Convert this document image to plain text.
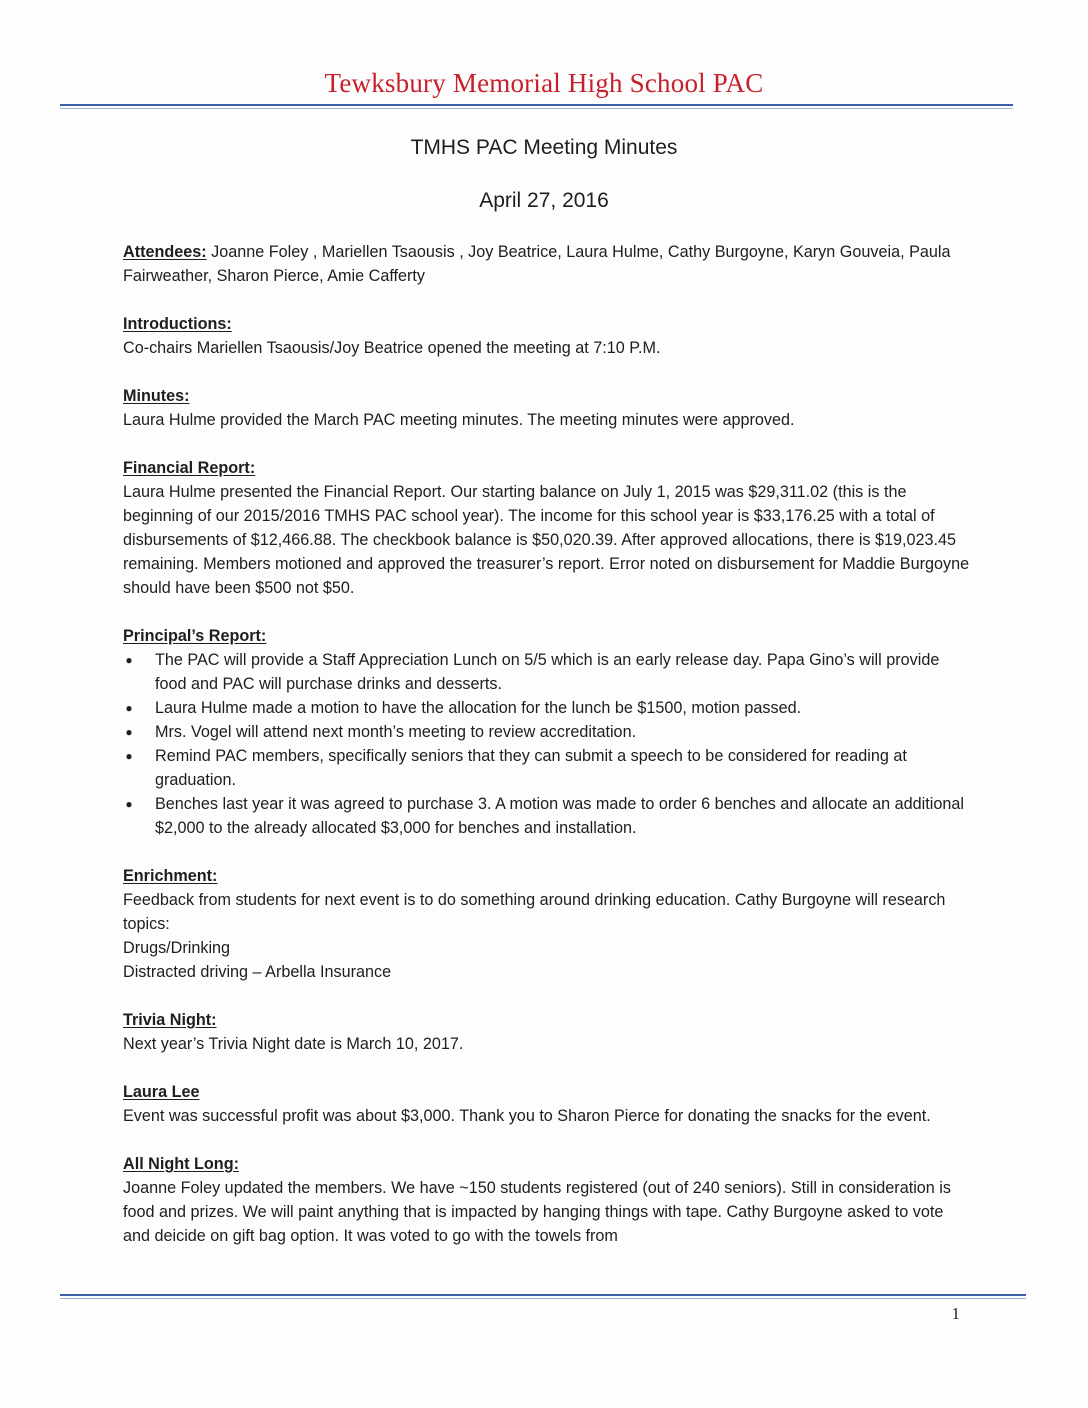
Tewksbury Memorial High School PAC
TMHS PAC Meeting Minutes
April 27, 2016

Attendees: Joanne Foley , Mariellen Tsaousis , Joy Beatrice, Laura Hulme, Cathy Burgoyne, Karyn Gouveia, Paula Fairweather, Sharon Pierce, Amie Cafferty

Introductions:

Co-chairs Mariellen Tsaousis/Joy Beatrice opened the meeting at 7:10 P.M.

Minutes:

Laura Hulme provided the March PAC meeting minutes. The meeting minutes were approved.

Financial Report:

Laura Hulme presented the Financial Report. Our starting balance on July 1, 2015 was $29,311.02 (this is the beginning of our 2015/2016 TMHS PAC school year). The income for this school year is $33,176.25 with a total of disbursements of $12,466.88. The checkbook balance is $50,020.39. After approved allocations, there is $19,023.45 remaining. Members motioned and approved the treasurer’s report. Error noted on disbursement for Maddie Burgoyne should have been $500 not $50.

Principal’s Report:

● The PAC will provide a Staff Appreciation Lunch on 5/5 which is an early release day. Papa Gino’s will provide food and PAC will purchase drinks and desserts.
● Laura Hulme made a motion to have the allocation for the lunch be $1500, motion passed.
● Mrs. Vogel will attend next month’s meeting to review accreditation.
● Remind PAC members, specifically seniors that they can submit a speech to be considered for reading at graduation.
● Benches last year it was agreed to purchase 3. A motion was made to order 6 benches and allocate an additional $2,000 to the already allocated $3,000 for benches and installation.

Enrichment:

Feedback from students for next event is to do something around drinking education. Cathy Burgoyne will research topics:

Drugs/Drinking

Distracted driving – Arbella Insurance

Trivia Night:

Next year’s Trivia Night date is March 10, 2017.

Laura Lee

Event was successful profit was about $3,000. Thank you to Sharon Pierce for donating the snacks for the event.

All Night Long:

Joanne Foley updated the members. We have ~150 students registered (out of 240 seniors). Still in consideration is food and prizes. We will paint anything that is impacted by hanging things with tape. Cathy Burgoyne asked to vote and deicide on gift bag option. It was voted to go with the towels from

1
